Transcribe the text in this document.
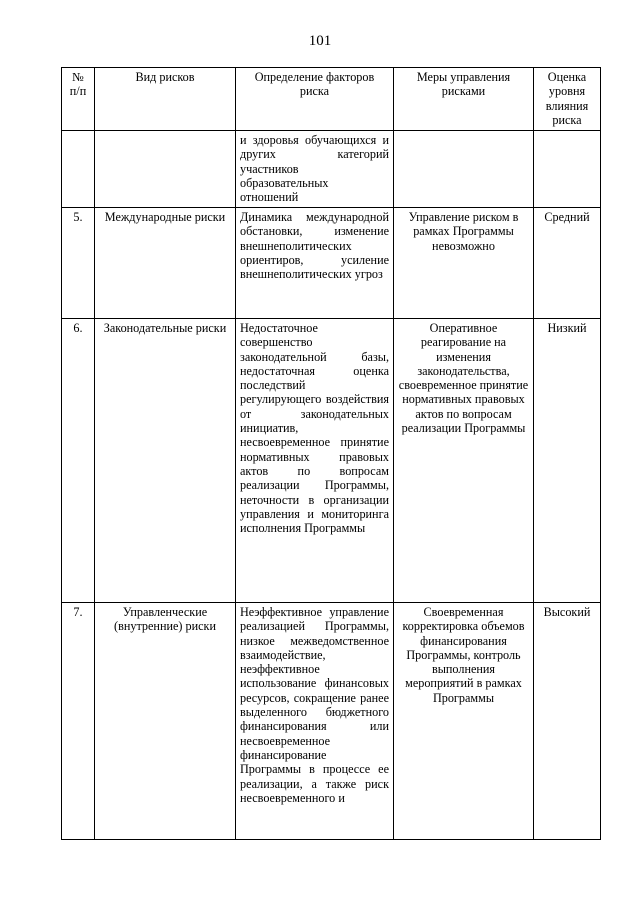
101
№ п/п	Вид рисков	Определение факторов риска	Меры управления рисками	Оценка уровня влияния риска
		и здоровья обучающихся и других категорий участников образовательных отношений		
5.	Международные риски	Динамика международной обстановки, изменение внешнеполитических ориентиров, усиление внешнеполитических угроз	Управление риском в рамках Программы невозможно	Средний
6.	Законодательные риски	Недостаточное совершенство законодательной базы, недостаточная оценка последствий регулирующего воздействия от законодательных инициатив, несвоевременное принятие нормативных правовых актов по вопросам реализации Программы, неточности в организации управления и мониторинга исполнения Программы	Оперативное реагирование на изменения законодательства, своевременное принятие нормативных правовых актов по вопросам реализации Программы	Низкий
7.	Управленческие (внутренние) риски	Неэффективное управление реализацией Программы, низкое межведомственное взаимодействие, неэффективное использование финансовых ресурсов, сокращение ранее выделенного бюджетного финансирования или несвоевременное финансирование Программы в процессе ее реализации, а также риск несвоевременного и	Своевременная корректировка объемов финансирования Программы, контроль выполнения мероприятий в рамках Программы	Высокий
